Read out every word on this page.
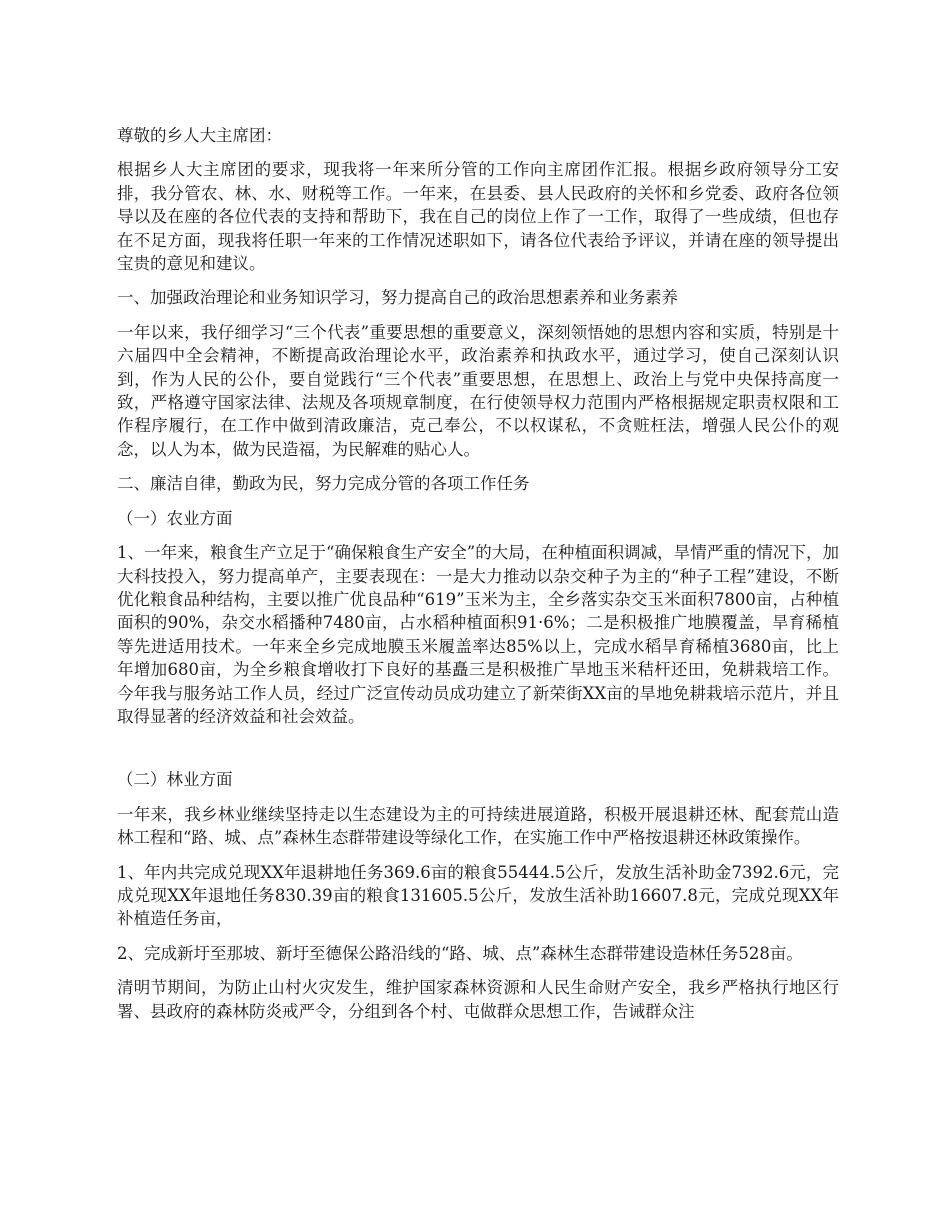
尊敬的乡人大主席团：

根据乡人大主席团的要求，现我将一年来所分管的工作向主席团作汇报。根据乡政府领导分工安排，我分管农、林、水、财税等工作。一年来，在县委、县人民政府的关怀和乡党委、政府各位领导以及在座的各位代表的支持和帮助下，我在自己的岗位上作了一工作，取得了一些成绩，但也存在不足方面，现我将任职一年来的工作情况述职如下，请各位代表给予评议，并请在座的领导提出宝贵的意见和建议。

一、加强政治理论和业务知识学习，努力提高自己的政治思想素养和业务素养

一年以来，我仔细学习“三个代表”重要思想的重要意义，深刻领悟她的思想内容和实质，特别是十六届四中全会精神，不断提高政治理论水平，政治素养和执政水平，通过学习，使自己深刻认识到，作为人民的公仆，要自觉践行“三个代表”重要思想，在思想上、政治上与党中央保持高度一致，严格遵守国家法律、法规及各项规章制度，在行使领导权力范围内严格根据规定职责权限和工作程序履行，在工作中做到清政廉洁，克己奉公，不以权谋私，不贪赃枉法，增强人民公仆的观念，以人为本，做为民造福，为民解难的贴心人。

二、廉洁自律，勤政为民，努力完成分管的各项工作任务

（一）农业方面

1、一年来，粮食生产立足于“确保粮食生产安全”的大局，在种植面积调减，旱情严重的情况下，加大科技投入，努力提高单产，主要表现在：一是大力推动以杂交种子为主的“种子工程”建设，不断优化粮食品种结构，主要以推广优良品种“619”玉米为主，全乡落实杂交玉米面积7800亩，占种植面积的90%，杂交水稻播种7480亩，占水稻种植面积91·6%；二是积极推广地膜覆盖，旱育稀植等先进适用技术。一年来全乡完成地膜玉米履盖率达85%以上，完成水稻旱育稀植3680亩，比上年增加680亩，为全乡粮食增收打下良好的基矗三是积极推广旱地玉米秸杆还田，免耕栽培工作。今年我与服务站工作人员，经过广泛宣传动员成功建立了新荣街XX亩的旱地免耕栽培示范片，并且取得显著的经济效益和社会效益。

（二）林业方面

一年来，我乡林业继续坚持走以生态建设为主的可持续进展道路，积极开展退耕还林、配套荒山造林工程和“路、城、点”森林生态群带建设等绿化工作，在实施工作中严格按退耕还林政策操作。

1、年内共完成兑现XX年退耕地任务369.6亩的粮食55444.5公斤，发放生活补助金7392.6元，完成兑现XX年退地任务830.39亩的粮食131605.5公斤，发放生活补助16607.8元，完成兑现XX年补植造任务亩，

2、完成新圩至那坡、新圩至德保公路沿线的“路、城、点”森林生态群带建设造林任务528亩。

清明节期间，为防止山村火灾发生，维护国家森林资源和人民生命财产安全，我乡严格执行地区行署、县政府的森林防炎戒严令，分组到各个村、屯做群众思想工作，告诫群众注
